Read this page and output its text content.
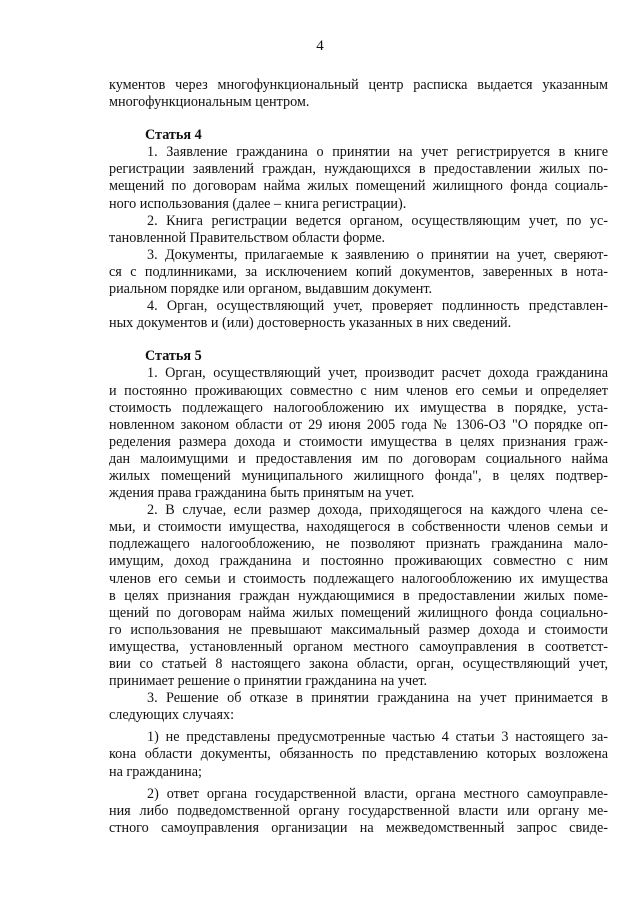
4
кументов через многофункциональный центр расписка выдается указанным
многофункциональным центром.
Статья 4
1. Заявление гражданина о принятии на учет регистрируется в книге
регистрации заявлений граждан, нуждающихся в предоставлении жилых по-
мещений по договорам найма жилых помещений жилищного фонда социаль-
ного использования (далее – книга регистрации).
2. Книга регистрации ведется органом, осуществляющим учет, по ус-
тановленной Правительством области форме.
3. Документы, прилагаемые к заявлению о принятии на учет, сверяют-
ся с подлинниками, за исключением копий документов, заверенных в нота-
риальном порядке или органом, выдавшим документ.
4. Орган, осуществляющий учет, проверяет подлинность представлен-
ных документов и (или) достоверность указанных в них сведений.
Статья 5
1. Орган, осуществляющий учет, производит расчет дохода гражданина
и постоянно проживающих совместно с ним членов его семьи и определяет
стоимость подлежащего налогообложению их имущества в порядке, уста-
новленном законом области от 29 июня 2005 года № 1306-ОЗ "О порядке оп-
ределения размера дохода и стоимости имущества в целях признания граж-
дан малоимущими и предоставления им по договорам социального найма
жилых помещений муниципального жилищного фонда", в целях подтвер-
ждения права гражданина быть принятым на учет.
2. В случае, если размер дохода, приходящегося на каждого члена се-
мьи, и стоимости имущества, находящегося в собственности членов семьи и
подлежащего налогообложению, не позволяют признать гражданина мало-
имущим, доход гражданина и постоянно проживающих совместно с ним
членов его семьи и стоимость подлежащего налогообложению их имущества
в целях признания граждан нуждающимися в предоставлении жилых поме-
щений по договорам найма жилых помещений жилищного фонда социально-
го использования не превышают максимальный размер дохода и стоимости
имущества, установленный органом местного самоуправления в соответст-
вии со статьей 8 настоящего закона области, орган, осуществляющий учет,
принимает решение о принятии гражданина на учет.
3. Решение об отказе в принятии гражданина на учет принимается в
следующих случаях:
1) не представлены предусмотренные частью 4 статьи 3 настоящего за-
кона области документы, обязанность по представлению которых возложена
на гражданина;
2) ответ органа государственной власти, органа местного самоуправле-
ния либо подведомственной органу государственной власти или органу ме-
стного самоуправления организации на межведомственный запрос свиде-
